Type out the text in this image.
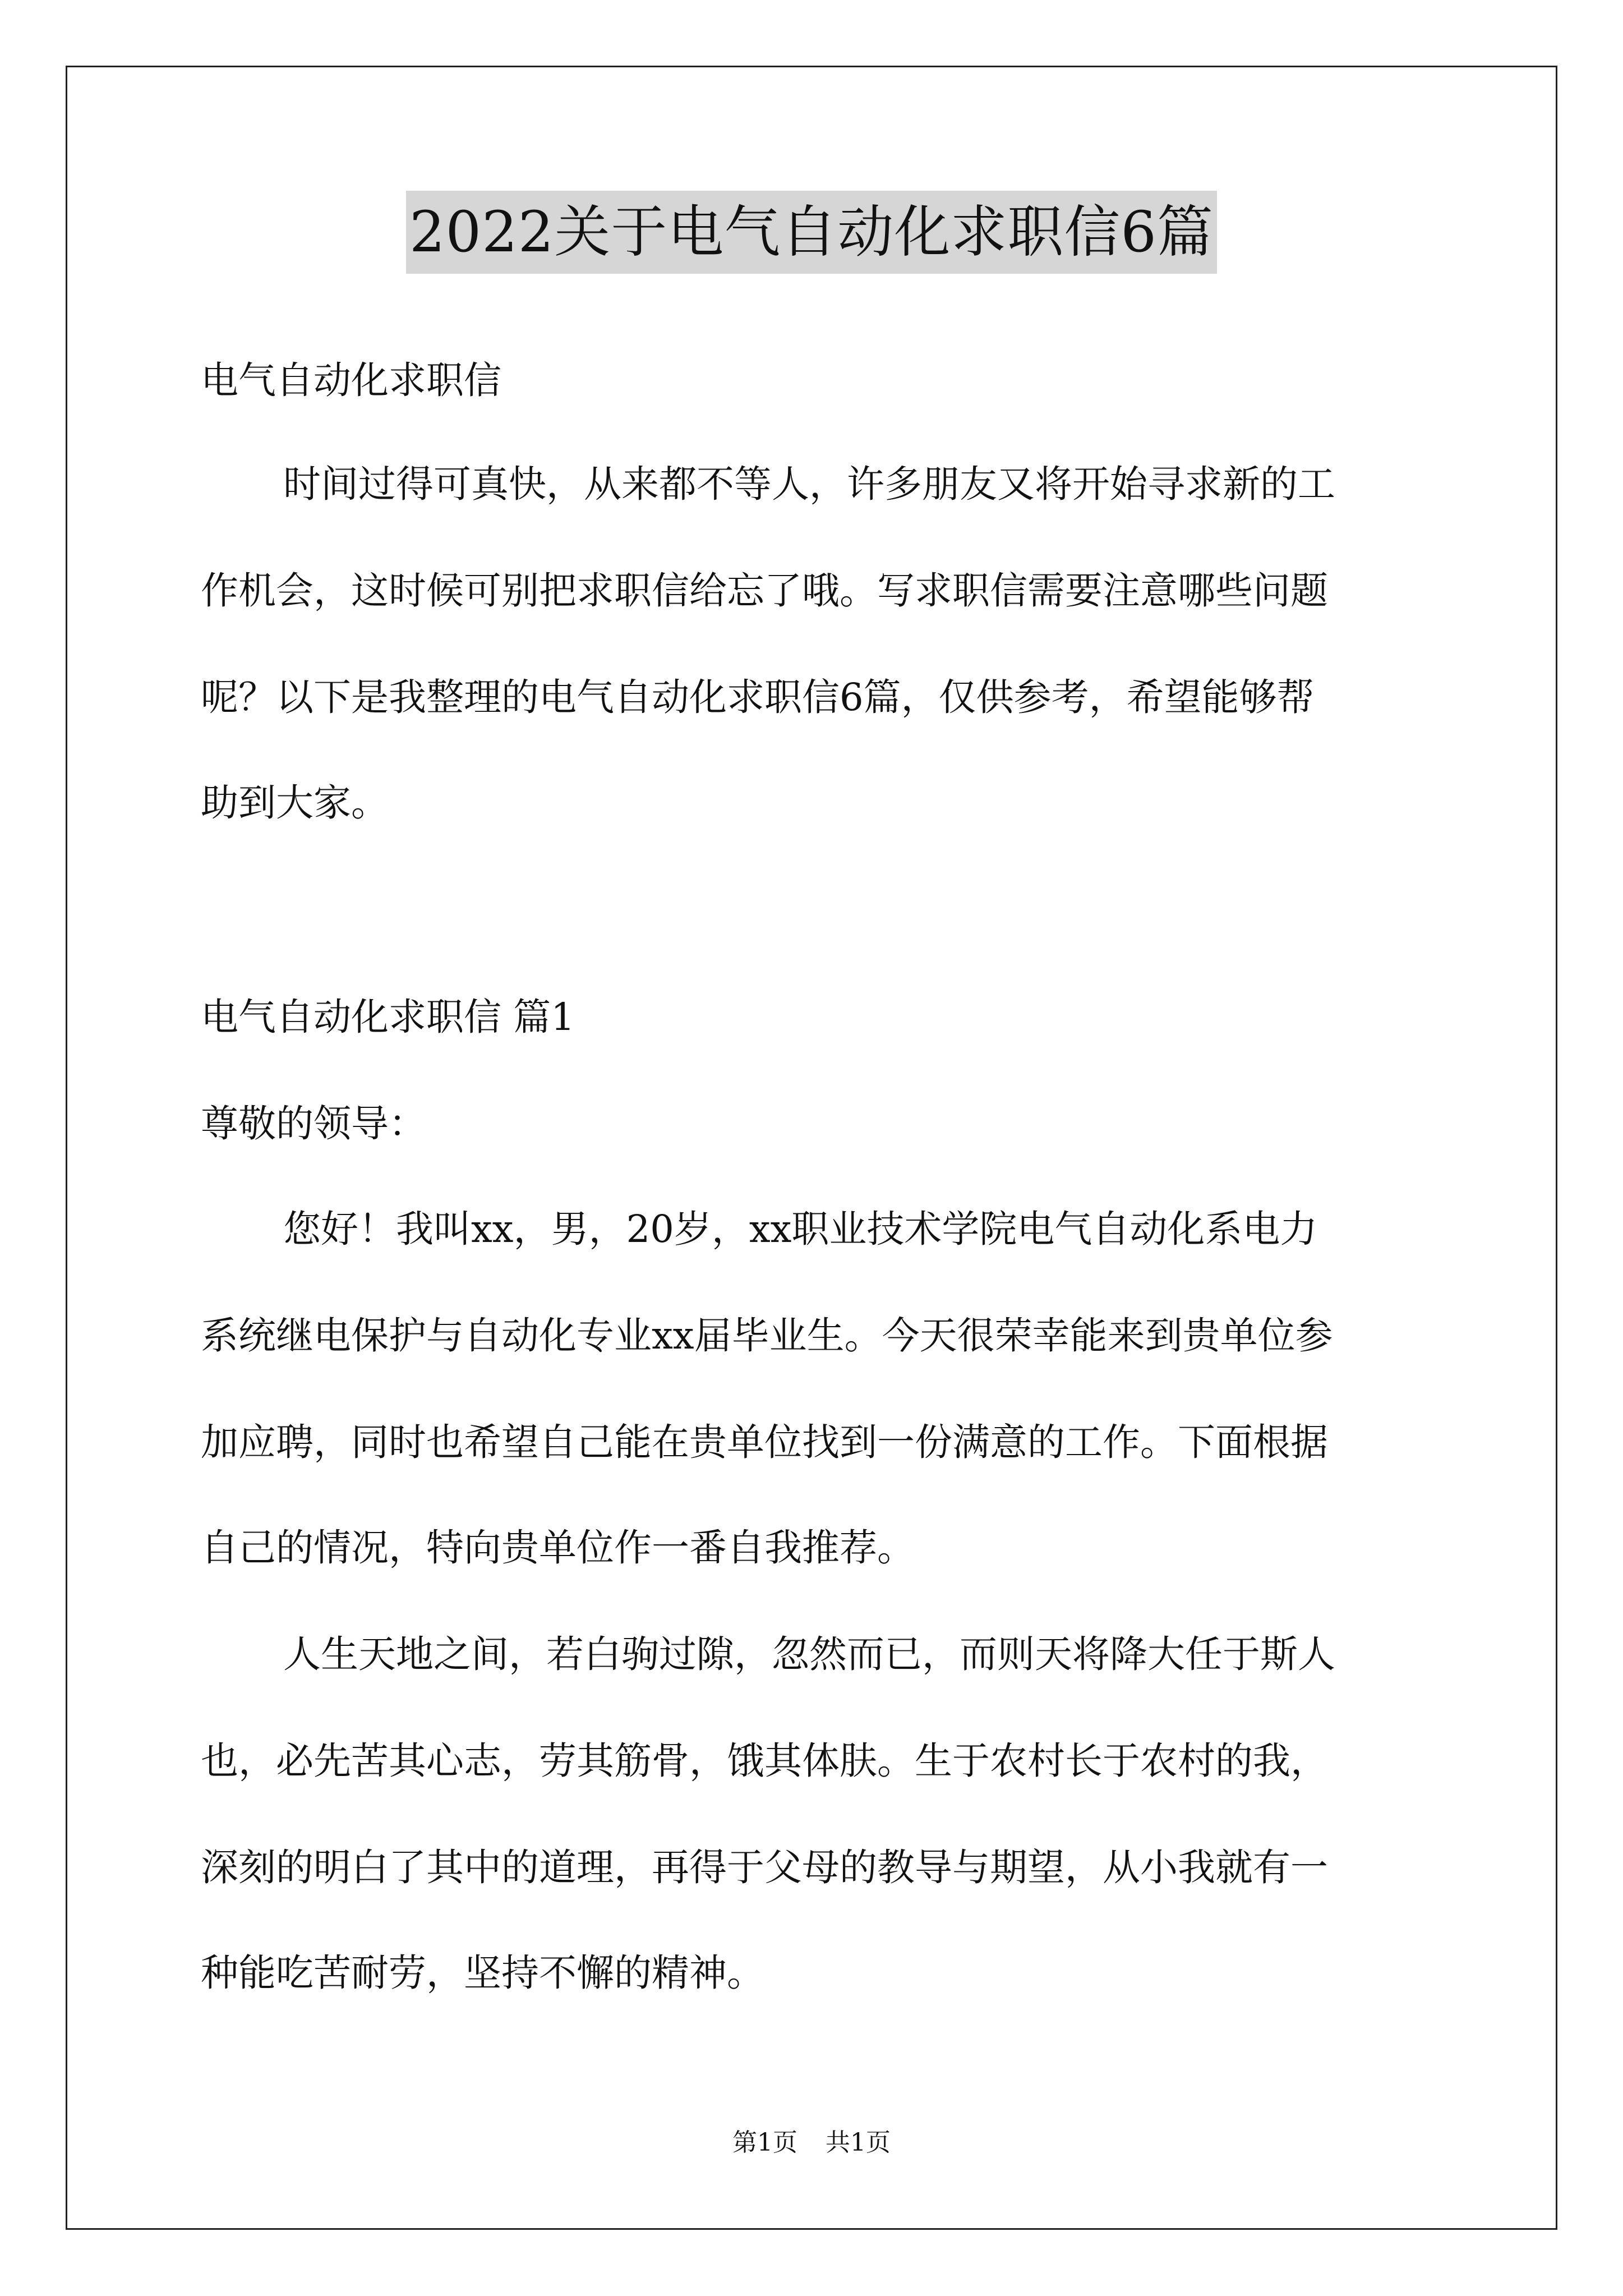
2022关于电气自动化求职信6篇
电气自动化求职信
时间过得可真快，从来都不等人，许多朋友又将开始寻求新的工
作机会，这时候可别把求职信给忘了哦。写求职信需要注意哪些问题
呢？以下是我整理的电气自动化求职信6篇，仅供参考，希望能够帮
助到大家。
电气自动化求职信 篇1
尊敬的领导：
您好！我叫xx，男，20岁，xx职业技术学院电气自动化系电力
系统继电保护与自动化专业xx届毕业生。今天很荣幸能来到贵单位参
加应聘，同时也希望自己能在贵单位找到一份满意的工作。下面根据
自己的情况，特向贵单位作一番自我推荐。
人生天地之间，若白驹过隙，忽然而已，而则天将降大任于斯人
也，必先苦其心志，劳其筋骨，饿其体肤。生于农村长于农村的我，
深刻的明白了其中的道理，再得于父母的教导与期望，从小我就有一
种能吃苦耐劳，坚持不懈的精神。
第1页 共1页
